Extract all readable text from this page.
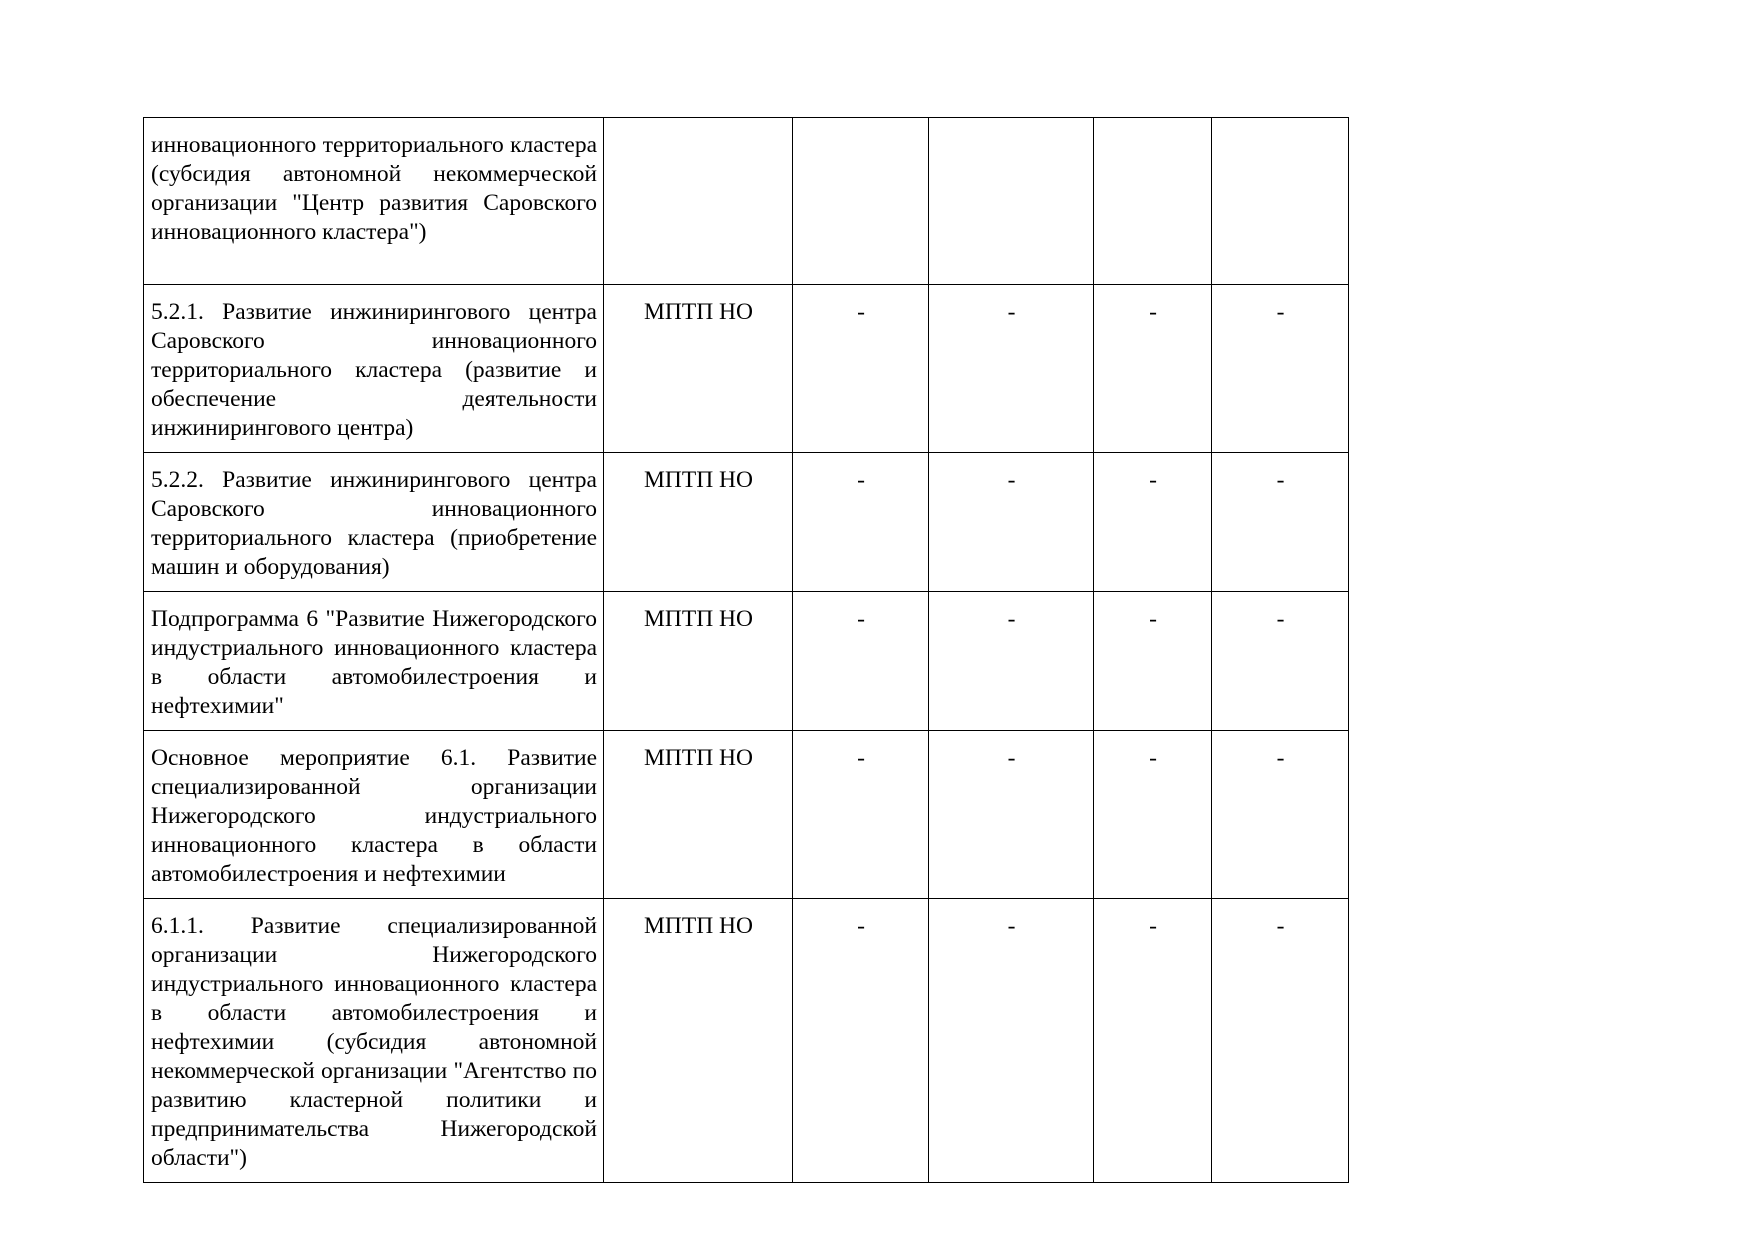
инновационного территориального кластера (субсидия автономной некоммерческой организации "Центр развития Саровского инновационного кластера")					
5.2.1. Развитие инжинирингового центра Саровского инновационного территориального кластера (развитие и обеспечение деятельности инжинирингового центра)	МПТП НО	-	-	-	-
5.2.2. Развитие инжинирингового центра Саровского инновационного территориального кластера (приобретение машин и оборудования)	МПТП НО	-	-	-	-
Подпрограмма 6 "Развитие Нижегородского индустриального инновационного кластера в области автомобилестроения и нефтехимии"	МПТП НО	-	-	-	-
Основное мероприятие 6.1. Развитие специализированной организации Нижегородского индустриального инновационного кластера в области автомобилестроения и нефтехимии	МПТП НО	-	-	-	-
6.1.1. Развитие специализированной организации Нижегородского индустриального инновационного кластера в области автомобилестроения и нефтехимии (субсидия автономной некоммерческой организации "Агентство по развитию кластерной политики и предпринимательства Нижегородской области")	МПТП НО	-	-	-	-
